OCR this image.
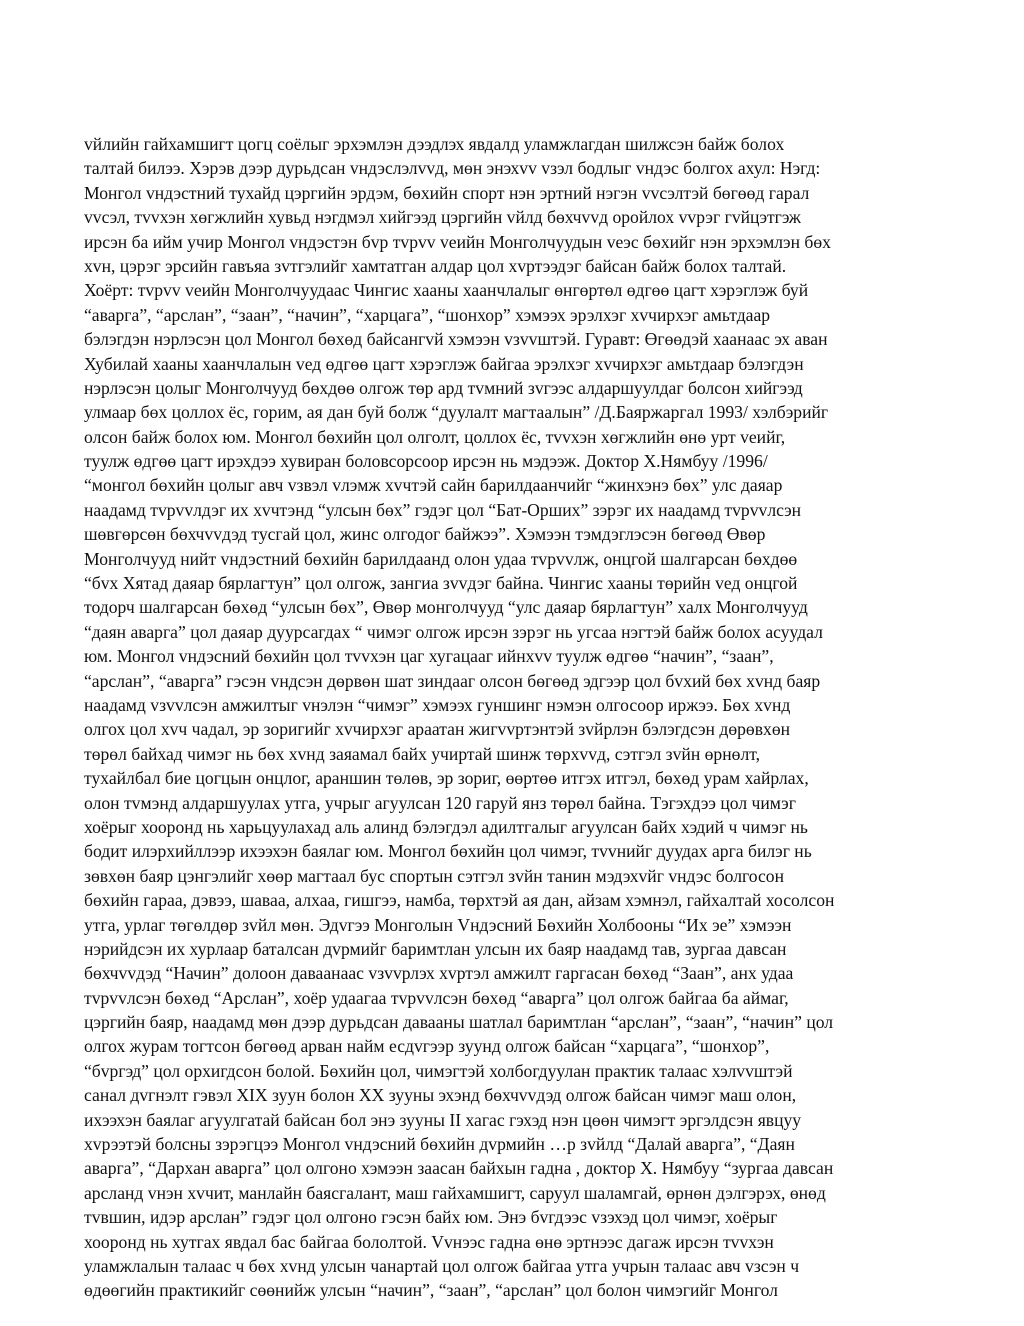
vйлийн гайхамшигт цогц соёлыг эрхэмлэн дээдлэх явдалд уламжлагдан шилжсэн байж болох
талтай билээ. Хэрэв дээр дурьдсан vндэслэлvvд, мөн энэхvv vзэл бодлыг vндэс болгох ахул: Нэгд:
Монгол vндэстний тухайд цэргийн эрдэм, бөхийн спорт нэн эртний нэгэн vvсэлтэй бөгөөд гарал
vvсэл, тvvхэн хөгжлийн хувьд нэгдмэл хийгээд цэргийн vйлд бөхчvvд оройлох vvрэг гvйцэтгэж
ирсэн ба ийм учир Монгол vндэстэн бvр тvрvv vеийн Монголчуудын vеэс бөхийг нэн эрхэмлэн бөх
хvн, цэрэг эрсийн гавъяа зvтгэлийг хамтатган алдар цол хvртээдэг байсан байж болох талтай.
Хоёрт: тvрvv vеийн Монголчуудаас Чингис хааны хаанчлалыг өнгөртөл өдгөө цагт хэрэглэж буй
“аварга”, “арслан”, “заан”, “начин”, “харцага”, “шонхор” хэмээх эрэлхэг хvчирхэг амьтдаар
бэлэгдэн нэрлэсэн цол Монгол бөхөд байсангvй хэмээн vзvvштэй. Гуравт: Өгөөдэй хаанаас эх аван
Хубилай хааны хаанчлалын vед өдгөө цагт хэрэглэж байгаа эрэлхэг хvчирхэг амьтдаар бэлэгдэн
нэрлэсэн цолыг Монголчууд бөхдөө олгож төр ард тvмний зvгээс алдаршуулдаг болсон хийгээд
улмаар бөх цоллох ёс, горим, ая дан буй болж “дуулалт магтаалын” /Д.Баяржаргал 1993/ хэлбэрийг
олсон байж болох юм. Монгол бөхийн цол олголт, цоллох ёс, тvvхэн хөгжлийн өнө урт vеийг,
туулж өдгөө цагт ирэхдээ хувиран боловсорсоор ирсэн нь мэдээж. Доктор Х.Нямбуу /1996/
“монгол бөхийн цолыг авч vзвэл vлэмж хvчтэй сайн барилдаанчийг “жинхэнэ бөх” улс даяар
наадамд тvрvvлдэг их хvчтэнд “улсын бөх” гэдэг цол “Бат-Орших” зэрэг их наадамд тvрvvлсэн
шөвгөрсөн бөхчvvдэд тусгай цол, жинс олгодог байжээ”. Хэмээн тэмдэглэсэн бөгөөд Өвөр
Монголчууд нийт vндэстний бөхийн барилдаанд олон удаа тvрvvлж, онцгой шалгарсан бөхдөө
“бvх Хятад даяар бярлагтун” цол олгож, зангиа зvvдэг байна. Чингис хааны төрийн vед онцгой
тодорч шалгарсан бөхөд “улсын бөх”, Өвөр монголчууд “улс даяар бярлагтун” халх Монголчууд
“даян аварга” цол даяар дуурсагдах “ чимэг олгож ирсэн зэрэг нь угсаа нэгтэй байж болох асуудал
юм. Монгол vндэсний бөхийн цол тvvхэн цаг хугацааг ийнхvv туулж өдгөө “начин”, “заан”,
“арслан”, “аварга” гэсэн vндсэн дөрвөн шат зиндааг олсон бөгөөд эдгээр цол бvхий бөх хvнд баяр
наадамд vзvvлсэн амжилтыг vнэлэн “чимэг” хэмээх гуншинг нэмэн олгосоор иржээ. Бөх хvнд
олгох цол хvч чадал, эр зоригийг хvчирхэг араатан жигvvртэнтэй зvйрлэн бэлэгдсэн дөрөвхөн
төрөл байхад чимэг нь бөх хvнд заяамал байх учиртай шинж төрхvvд, сэтгэл зvйн өрнөлт,
тухайлбал бие цогцын онцлог, араншин төлөв, эр зориг, өөртөө итгэх итгэл, бөхөд урам хайрлах,
олон тvмэнд алдаршуулах утга, учрыг агуулсан 120 гаруй янз төрөл байна. Тэгэхдээ цол чимэг
хоёрыг хооронд нь харьцуулахад аль алинд бэлэгдэл адилтгалыг агуулсан байх хэдий ч чимэг нь
бодит илэрхийллээр ихээхэн баялаг юм. Монгол бөхийн цол чимэг, тvvнийг дуудах арга билэг нь
зөвхөн баяр цэнгэлийг хөөр магтаал бус спортын сэтгэл зvйн танин мэдэхvйг vндэс болгосон
бөхийн гараа, дэвээ, шаваа, алхаа, гишгээ, намба, төрхтэй ая дан, айзам хэмнэл, гайхалтай хосолсон
утга, урлаг төгөлдөр зvйл мөн. Эдvгээ Монголын Vндэсний Бөхийн Холбооны “Их эе” хэмээн
нэрийдсэн их хурлаар баталсан дvрмийг баримтлан улсын их баяр наадамд тав, зургаа давсан
бөхчvvдэд “Начин” долоон даваанаас vзvvрлэх хvртэл амжилт гаргасан бөхөд “Заан”, анх удаа
тvрvvлсэн бөхөд “Арслан”, хоёр удаагаа тvрvvлсэн бөхөд “аварга” цол олгож байгаа ба аймаг,
цэргийн баяр, наадамд мөн дээр дурьдсан давааны шатлал баримтлан “арслан”, “заан”, “начин” цол
олгох журам тогтсон бөгөөд арван найм есдvгээр зуунд олгож байсан “харцага”, “шонхор”,
“бvргэд” цол орхигдсон болой. Бөхийн цол, чимэгтэй холбогдуулан практик талаас хэлvvштэй
санал дvгнэлт гэвэл XIX зуун болон XX зууны эхэнд бөхчvvдэд олгож байсан чимэг маш олон,
ихээхэн баялаг агуулгатай байсан бол энэ зууны II хагас гэхэд нэн цөөн чимэгт эргэлдсэн явцуу
хvрээтэй болсны зэрэгцээ Монгол vндэсний бөхийн дvрмийн …р зvйлд “Далай аварга”, “Даян
аварга”, “Дархан аварга” цол олгоно хэмээн заасан байхын гадна , доктор Х. Нямбуу “зургаа давсан
арсланд vнэн хvчит, манлайн баясгалант, маш гайхамшигт, саруул шаламгай, өрнөн дэлгэрэх, өнөд
тvвшин, идэр арслан” гэдэг цол олгоно гэсэн байх юм. Энэ бvгдээс vзэхэд цол чимэг, хоёрыг
хооронд нь хутгах явдал бас байгаа бололтой. Vvнээс гадна өнө эртнээс дагаж ирсэн тvvхэн
уламжлалын талаас ч бөх хvнд улсын чанартай цол олгож байгаа утга учрын талаас авч vзсэн ч
өдөөгийн практикийг сөөнийж улсын “начин”, “заан”, “арслан” цол болон чимэгийг Монгол
